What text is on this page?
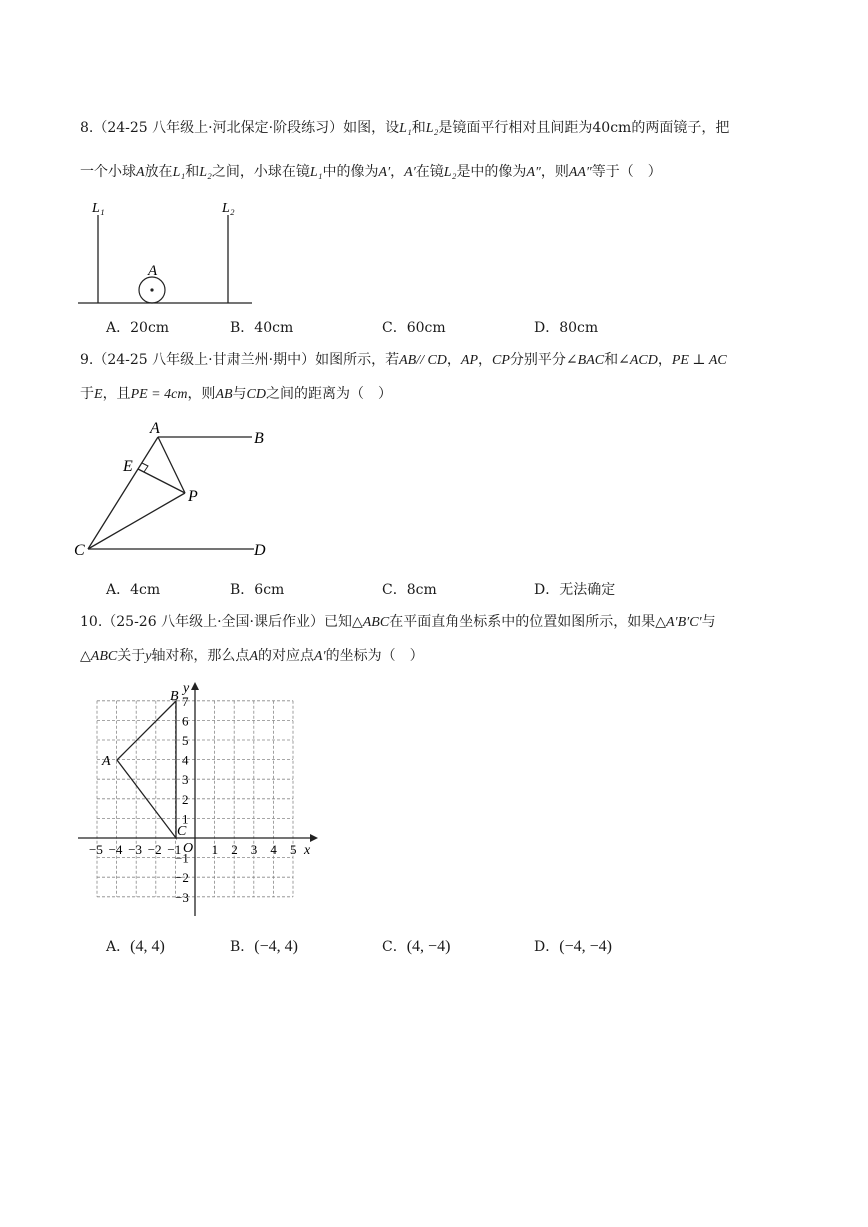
8.（24-25 八年级上·河北保定·阶段练习）如图，设L₁和L₂是镜面平行相对且间距为40cm的两面镜子，把
一个小球A放在L₁和L₂之间，小球在镜L₁中的像为A′，A′在镜L₂是中的像为A″，则AA″等于（　）
L₁	L₂
A
A．20cm	B．40cm	C．60cm	D．80cm
9.（24-25 八年级上·甘肃兰州·期中）如图所示，若AB// CD，AP，CP分别平分∠BAC和∠ACD，PE ⊥ AC
于E，且PE = 4cm，则AB与CD之间的距离为（　）
A
B
E
P
C	D
A．4cm	B．6cm	C．8cm	D．无法确定
10.（25-26 八年级上·全国·课后作业）已知△ABC在平面直角坐标系中的位置如图所示，如果△A′B′C′与
△ABC关于y轴对称，那么点A的对应点A′的坐标为（　）
x
y
O
−5 −4 −3 −2 −1 1 2 3 4 5
7
6
5
4
3
2
1
−1
−2
−3
A
B
C
A．(4, 4)	B．(−4, 4)	C．(4, −4)	D．(−4, −4)
